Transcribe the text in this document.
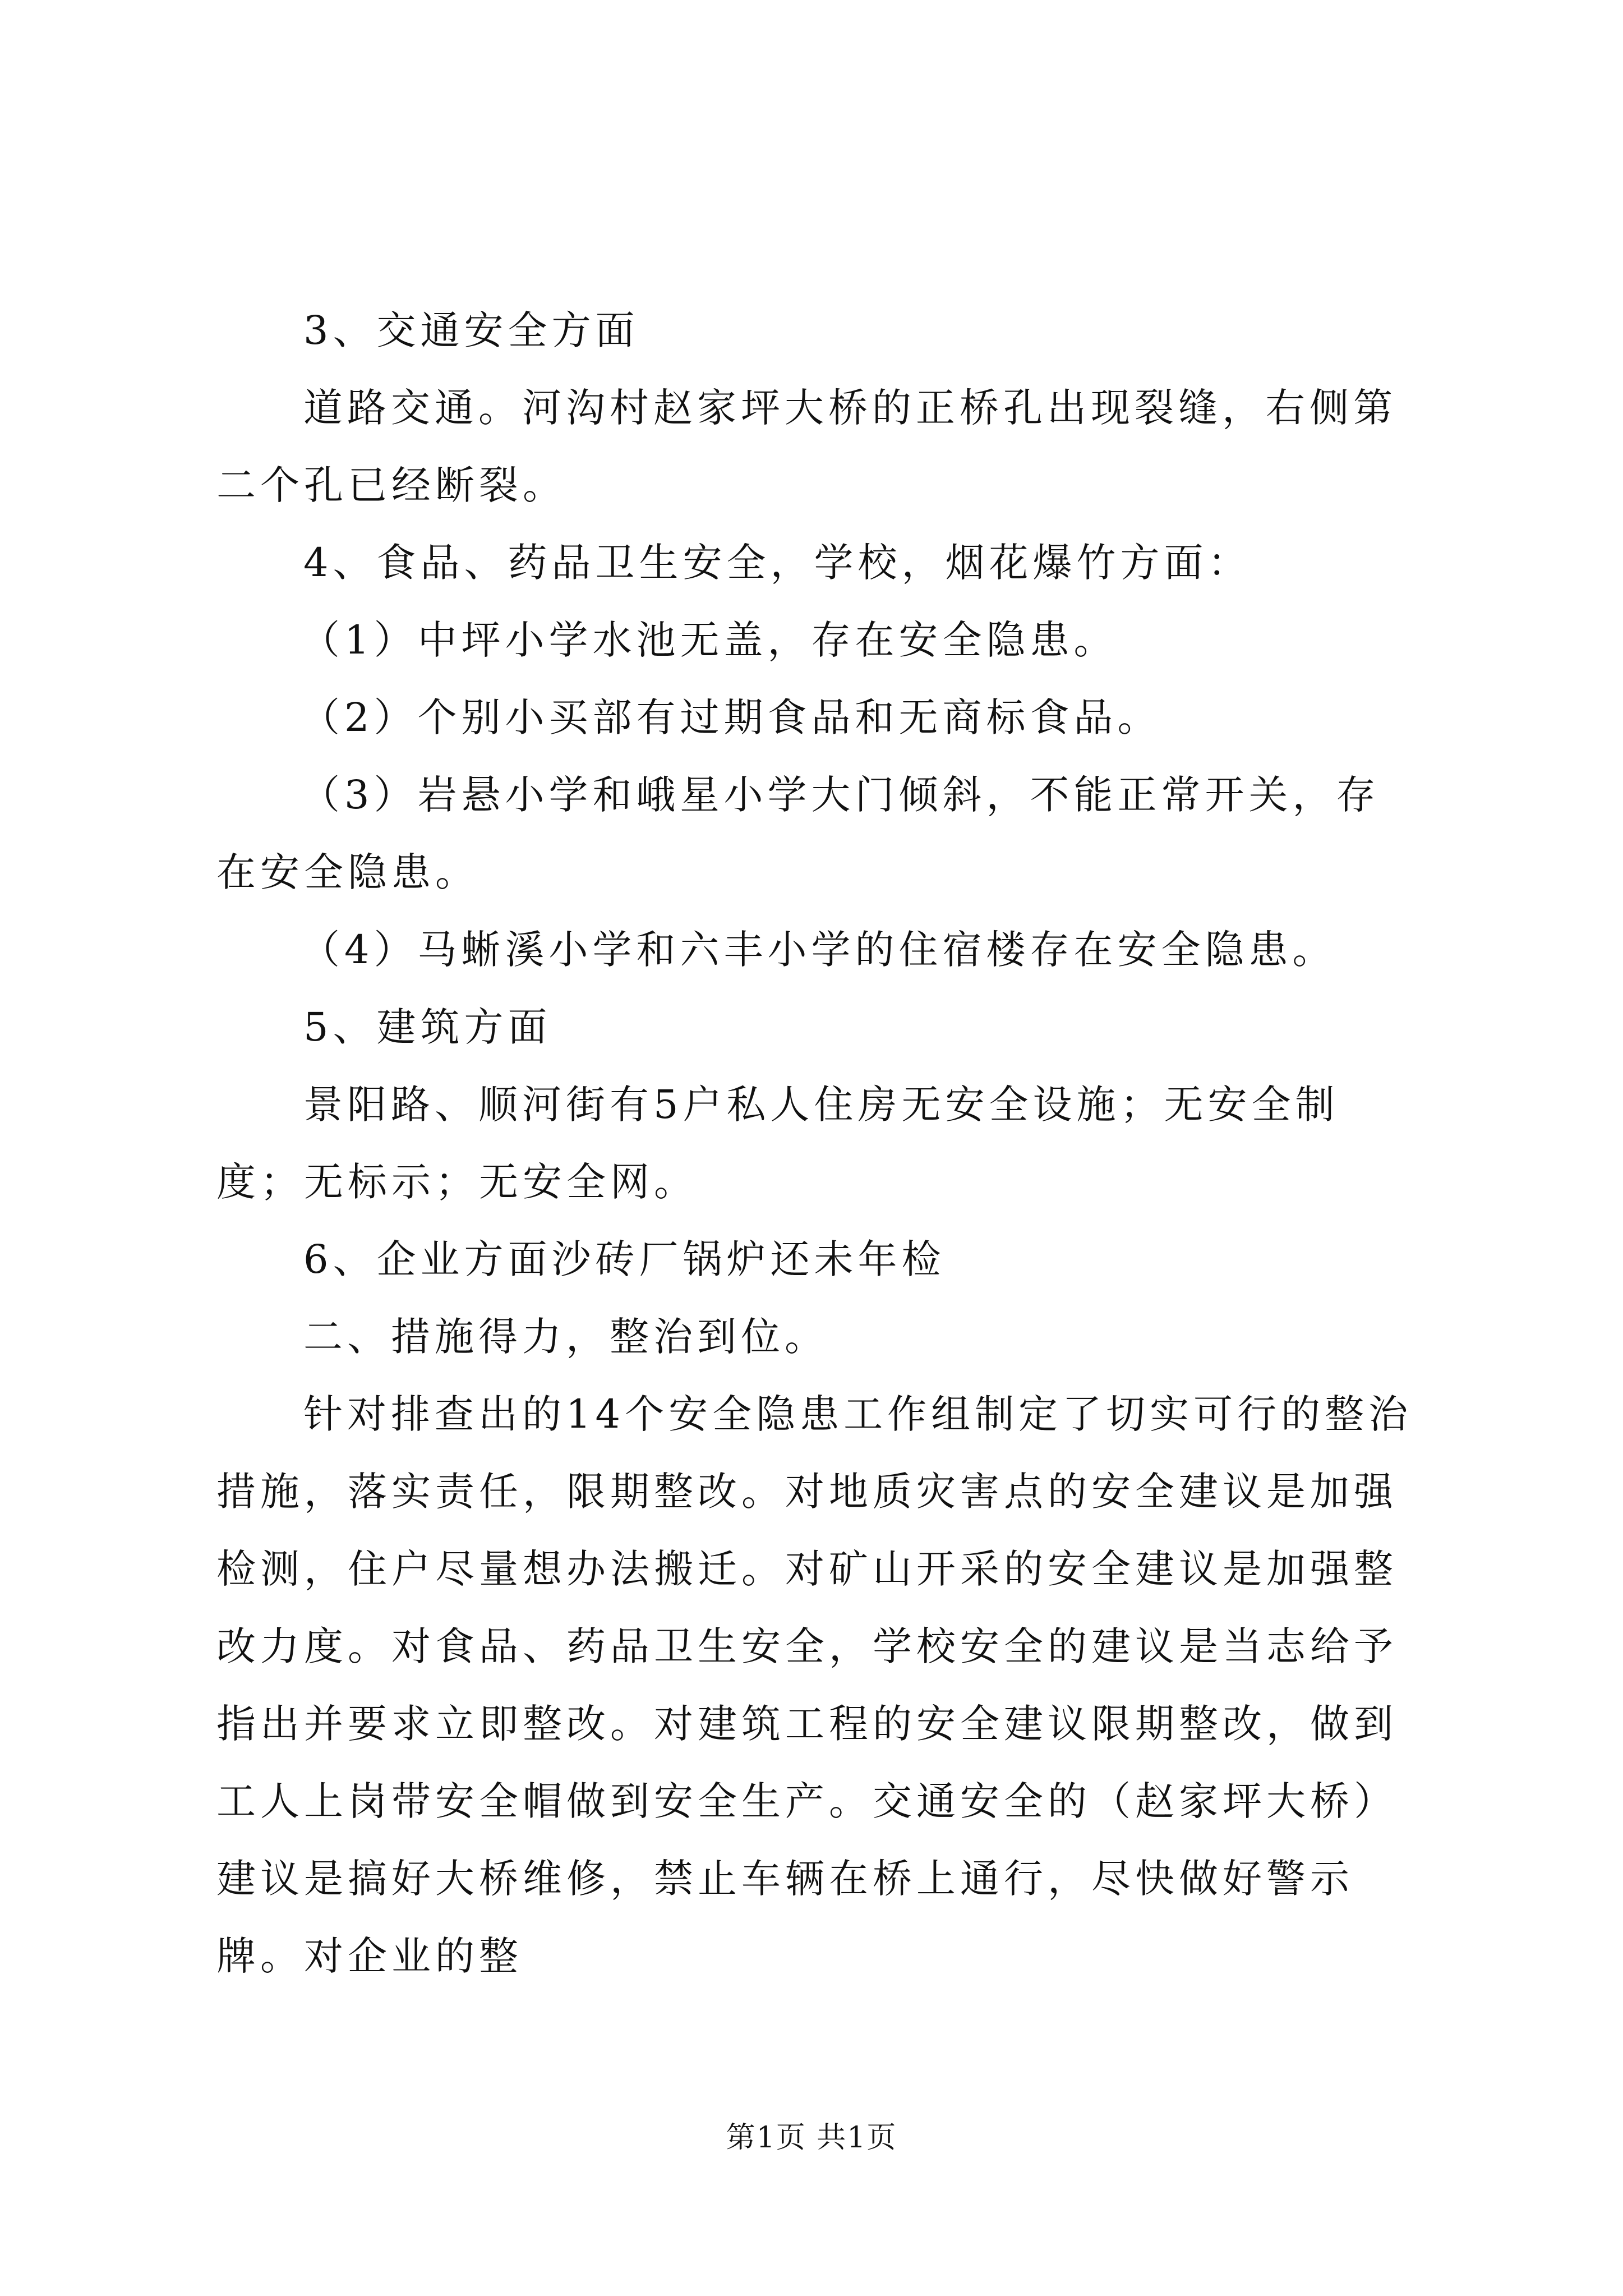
3、交通安全方面

道路交通。河沟村赵家坪大桥的正桥孔出现裂缝，右侧第二个孔已经断裂。

4、食品、药品卫生安全，学校，烟花爆竹方面：

（1）中坪小学水池无盖，存在安全隐患。

（2）个别小买部有过期食品和无商标食品。

（3）岩悬小学和峨星小学大门倾斜，不能正常开关，存在安全隐患。

（4）马蜥溪小学和六丰小学的住宿楼存在安全隐患。

5、建筑方面

景阳路、顺河街有5户私人住房无安全设施；无安全制度；无标示；无安全网。

6、企业方面沙砖厂锅炉还未年检

二、措施得力，整治到位。

针对排查出的14个安全隐患工作组制定了切实可行的整治措施，落实责任，限期整改。对地质灾害点的安全建议是加强检测，住户尽量想办法搬迁。对矿山开采的安全建议是加强整改力度。对食品、药品卫生安全，学校安全的建议是当志给予指出并要求立即整改。对建筑工程的安全建议限期整改，做到工人上岗带安全帽做到安全生产。交通安全的（赵家坪大桥）建议是搞好大桥维修，禁止车辆在桥上通行，尽快做好警示牌。对企业的整

第1页 共1页
